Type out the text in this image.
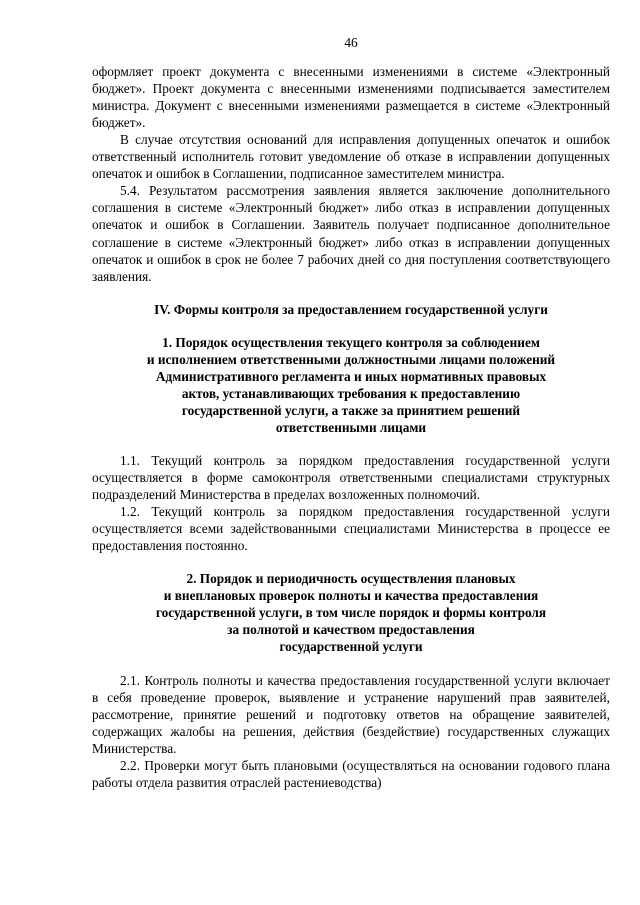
46

оформляет проект документа с внесенными изменениями в системе «Электронный бюджет». Проект документа с внесенными изменениями подписывается заместителем министра. Документ с внесенными изменениями размещается в системе «Электронный бюджет».

В случае отсутствия оснований для исправления допущенных опечаток и ошибок ответственный исполнитель готовит уведомление об отказе в исправлении допущенных опечаток и ошибок в Соглашении, подписанное заместителем министра.

5.4. Результатом рассмотрения заявления является заключение дополнительного соглашения в системе «Электронный бюджет» либо отказ в исправлении допущенных опечаток и ошибок в Соглашении. Заявитель получает подписанное дополнительное соглашение в системе «Электронный бюджет» либо отказ в исправлении допущенных опечаток и ошибок в срок не более 7 рабочих дней со дня поступления соответствующего заявления.

IV. Формы контроля за предоставлением государственной услуги

1. Порядок осуществления текущего контроля за соблюдением
и исполнением ответственными должностными лицами положений
Административного регламента и иных нормативных правовых
актов, устанавливающих требования к предоставлению
государственной услуги, а также за принятием решений
ответственными лицами

1.1. Текущий контроль за порядком предоставления государственной услуги осуществляется в форме самоконтроля ответственными специалистами структурных подразделений Министерства в пределах возложенных полномочий.

1.2. Текущий контроль за порядком предоставления государственной услуги осуществляется всеми задействованными специалистами Министерства в процессе ее предоставления постоянно.

2. Порядок и периодичность осуществления плановых
и внеплановых проверок полноты и качества предоставления
государственной услуги, в том числе порядок и формы контроля
за полнотой и качеством предоставления
государственной услуги

2.1. Контроль полноты и качества предоставления государственной услуги включает в себя проведение проверок, выявление и устранение нарушений прав заявителей, рассмотрение, принятие решений и подготовку ответов на обращение заявителей, содержащих жалобы на решения, действия (бездействие) государственных служащих Министерства.

2.2. Проверки могут быть плановыми (осуществляться на основании годового плана работы отдела развития отраслей растениеводства)
